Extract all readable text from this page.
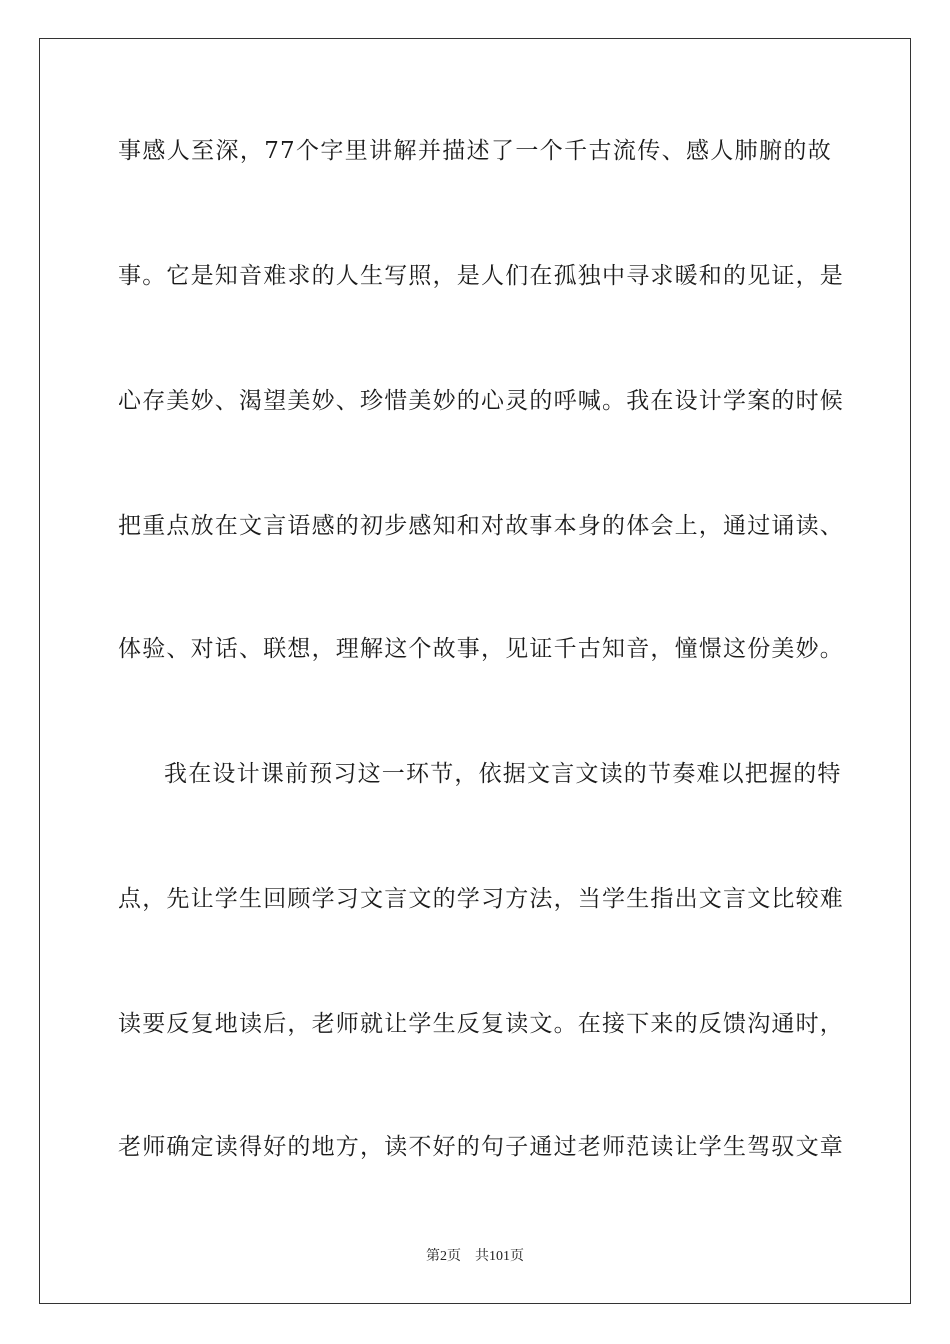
事感人至深，77个字里讲解并描述了一个千古流传、感人肺腑的故
事。它是知音难求的人生写照，是人们在孤独中寻求暖和的见证，是
心存美妙、渴望美妙、珍惜美妙的心灵的呼喊。我在设计学案的时候
把重点放在文言语感的初步感知和对故事本身的体会上，通过诵读、
体验、对话、联想，理解这个故事，见证千古知音，憧憬这份美妙。
我在设计课前预习这一环节，依据文言文读的节奏难以把握的特
点，先让学生回顾学习文言文的学习方法，当学生指出文言文比较难
读要反复地读后，老师就让学生反复读文。在接下来的反馈沟通时，
老师确定读得好的地方，读不好的句子通过老师范读让学生驾驭文章
第2页 共101页
